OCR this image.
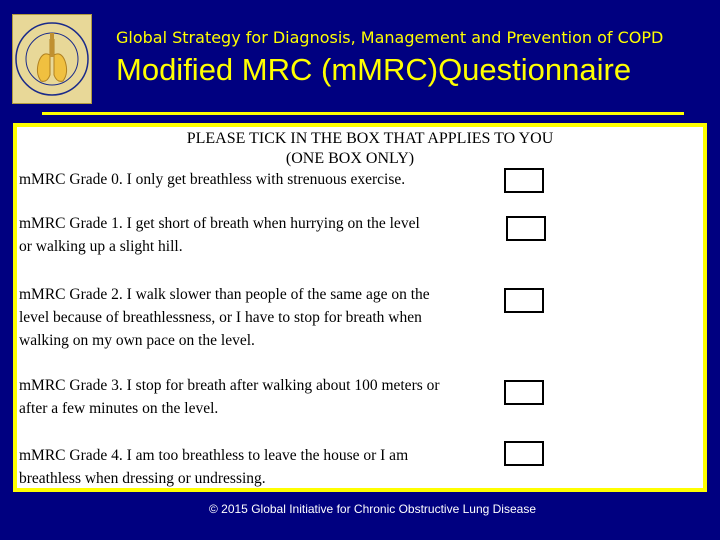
Global Strategy for Diagnosis, Management and Prevention of COPD
Modified MRC (mMRC)Questionnaire
PLEASE TICK IN THE BOX THAT APPLIES TO YOU
(ONE BOX ONLY)
mMRC Grade 0. I only get breathless with strenuous exercise.
mMRC Grade 1. I get short of breath when hurrying on the level
or walking up a slight hill.
mMRC Grade 2. I walk slower than people of the same age on the
level because of breathlessness, or I have to stop for breath when
walking on my own pace on the level.
mMRC Grade 3. I stop for breath after walking about 100 meters or
after a few minutes on the level.
mMRC Grade 4. I am too breathless to leave the house or I am
breathless when dressing or undressing.
© 2015 Global Initiative for Chronic Obstructive Lung Disease
